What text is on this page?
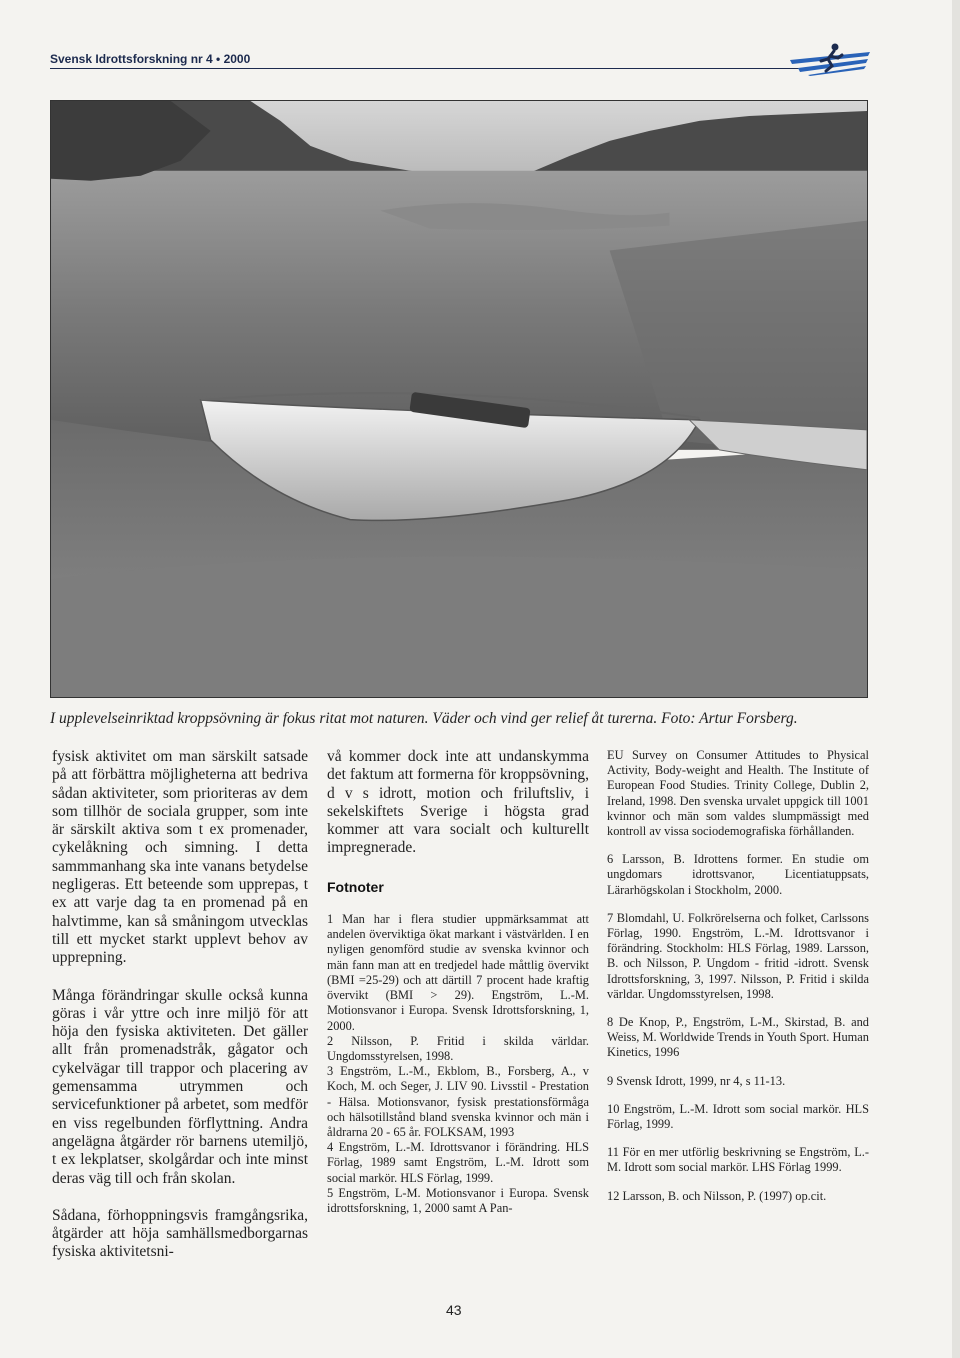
Svensk Idrottsforskning nr 4 • 2000
I upplevelseinriktad kroppsövning är fokus ritat mot naturen. Väder och vind ger relief åt turerna. Foto: Artur Forsberg.

fysisk aktivitet om man särskilt satsade på att förbättra möjligheterna att bedriva sådan aktiviteter, som prioriteras av dem som tillhör de sociala grupper, som inte är särskilt aktiva som t ex promenader, cykelåkning och simning. I detta sammmanhang ska inte vanans betydelse negligeras. Ett beteende som upprepas, t ex att varje dag ta en promenad på en halvtimme, kan så småningom utvecklas till ett mycket starkt upplevt behov av upprepning.

Många förändringar skulle också kunna göras i vår yttre och inre miljö för att höja den fysiska aktiviteten. Det gäller allt från promenadstråk, gågator och cykelvägar till trappor och placering av gemensamma utrymmen och servicefunktioner på arbetet, som medför en viss regelbunden förflyttning. Andra angelägna åtgärder rör barnens utemiljö, t ex lekplatser, skolgårdar och inte minst deras väg till och från skolan.

Sådana, förhoppningsvis framgångsrika, åtgärder att höja samhällsmedborgarnas fysiska aktivitetsni-

vå kommer dock inte att undanskymma det faktum att formerna för kroppsövning, d v s idrott, motion och friluftsliv, i sekelskiftets Sverige i högsta grad kommer att vara socialt och kulturellt impregnerade.

Fotnoter

1 Man har i flera studier uppmärksammat att andelen överviktiga ökat markant i västvärlden. I en nyligen genomförd studie av svenska kvinnor och män fann man att en tredjedel hade måttlig övervikt (BMI =25-29) och att därtill 7 procent hade kraftig övervikt (BMI > 29). Engström, L.-M. Motionsvanor i Europa. Svensk Idrottsforskning, 1, 2000.

2 Nilsson, P. Fritid i skilda världar. Ungdomsstyrelsen, 1998.

3 Engström, L.-M., Ekblom, B., Forsberg, A., v Koch, M. och Seger, J. LIV 90. Livsstil - Prestation - Hälsa. Motionsvanor, fysisk prestationsförmåga och hälsotillstånd bland svenska kvinnor och män i åldrarna 20 - 65 år. FOLKSAM, 1993

4 Engström, L.-M. Idrottsvanor i förändring. HLS Förlag, 1989 samt Engström, L.-M. Idrott som social markör. HLS Förlag, 1999.

5 Engström, L-M. Motionsvanor i Europa. Svensk idrottsforskning, 1, 2000 samt A Pan-

EU Survey on Consumer Attitudes to Physical Activity, Body-weight and Health. The Institute of European Food Studies. Trinity College, Dublin 2, Ireland, 1998. Den svenska urvalet uppgick till 1001 kvinnor och män som valdes slumpmässigt med kontroll av vissa sociodemografiska förhållanden.

6 Larsson, B. Idrottens former. En studie om ungdomars idrottsvanor, Licentiatuppsats, Lärarhögskolan i Stockholm, 2000.

7 Blomdahl, U. Folkrörelserna och folket, Carlssons Förlag, 1990. Engström, L.-M. Idrottsvanor i förändring. Stockholm: HLS Förlag, 1989. Larsson, B. och Nilsson, P. Ungdom - fritid -idrott. Svensk Idrottsforskning, 3, 1997. Nilsson, P. Fritid i skilda världar. Ungdomsstyrelsen, 1998.

8 De Knop, P., Engström, L-M., Skirstad, B. and Weiss, M. Worldwide Trends in Youth Sport. Human Kinetics, 1996

9 Svensk Idrott, 1999, nr 4, s 11-13.

10 Engström, L.-M. Idrott som social markör. HLS Förlag, 1999.

11 För en mer utförlig beskrivning se Engström, L.-M. Idrott som social markör. LHS Förlag 1999.

12 Larsson, B. och Nilsson, P. (1997) op.cit.

43
